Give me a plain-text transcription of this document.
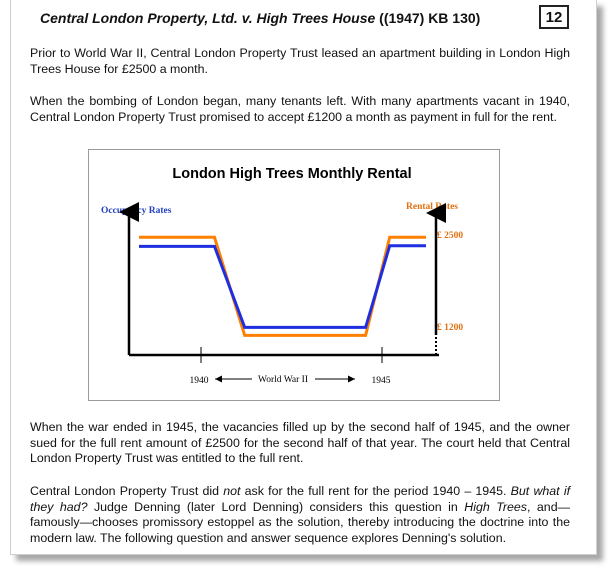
Central London Property, Ltd. v. High Trees House ((1947) KB 130)	12
Prior to World War II, Central London Property Trust leased an apartment building in London High Trees House for £2500 a month.
When the bombing of London began, many tenants left. With many apartments vacant in 1940, Central London Property Trust promised to accept £1200 a month as payment in full for the rent.
London High Trees Monthly Rental
Occupancy Rates	Rental Rates
1940	1945
World War II
£ 2500
£ 1200
When the war ended in 1945, the vacancies filled up by the second half of 1945, and the owner sued for the full rent amount of £2500 for the second half of that year. The court held that Central London Property Trust was entitled to the full rent.
Central London Property Trust did not ask for the full rent for the period 1940 – 1945. But what if they had? Judge Denning (later Lord Denning) considers this question in High Trees, and—famously—chooses promissory estoppel as the solution, thereby introducing the doctrine into the modern law. The following question and answer sequence explores Denning's solution.
